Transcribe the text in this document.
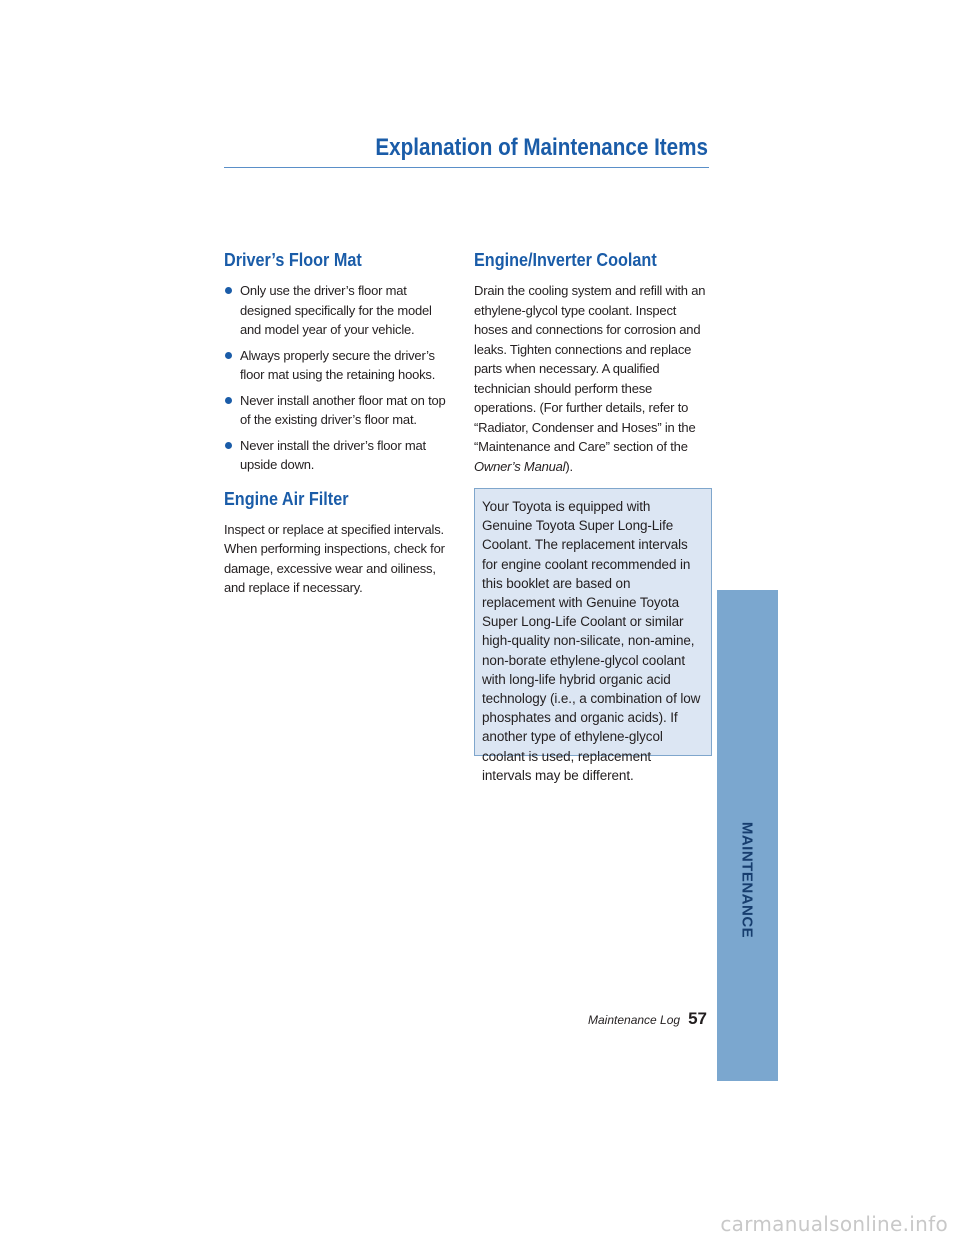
Explanation of Maintenance Items
Driver’s Floor Mat
Only use the driver’s floor mat designed specifically for the model and model year of your vehicle.
Always properly secure the driver’s floor mat using the retaining hooks.
Never install another floor mat on top of the existing driver’s floor mat.
Never install the driver’s floor mat upside down.
Engine Air Filter

Inspect or replace at specified intervals. When performing inspections, check for damage, excessive wear and oiliness, and replace if necessary.

Engine/Inverter Coolant

Drain the cooling system and refill with an ethylene-glycol type coolant. Inspect hoses and connections for corrosion and leaks. Tighten connections and replace parts when necessary. A qualified technician should perform these operations. (For further details, refer to “Radiator, Condenser and Hoses” in the “Maintenance and Care” section of the Owner’s Manual).

Your Toyota is equipped with Genuine Toyota Super Long-Life Coolant. The replacement intervals for engine coolant recommended in this booklet are based on replacement with Genuine Toyota Super Long-Life Coolant or similar high-quality non-silicate, non-amine, non-borate ethylene-glycol coolant with long-life hybrid organic acid technology (i.e., a combination of low phosphates and organic acids). If another type of ethylene-glycol coolant is used, replacement intervals may be different.

MAINTENANCE
Maintenance Log 57
carmanualsonline.info
